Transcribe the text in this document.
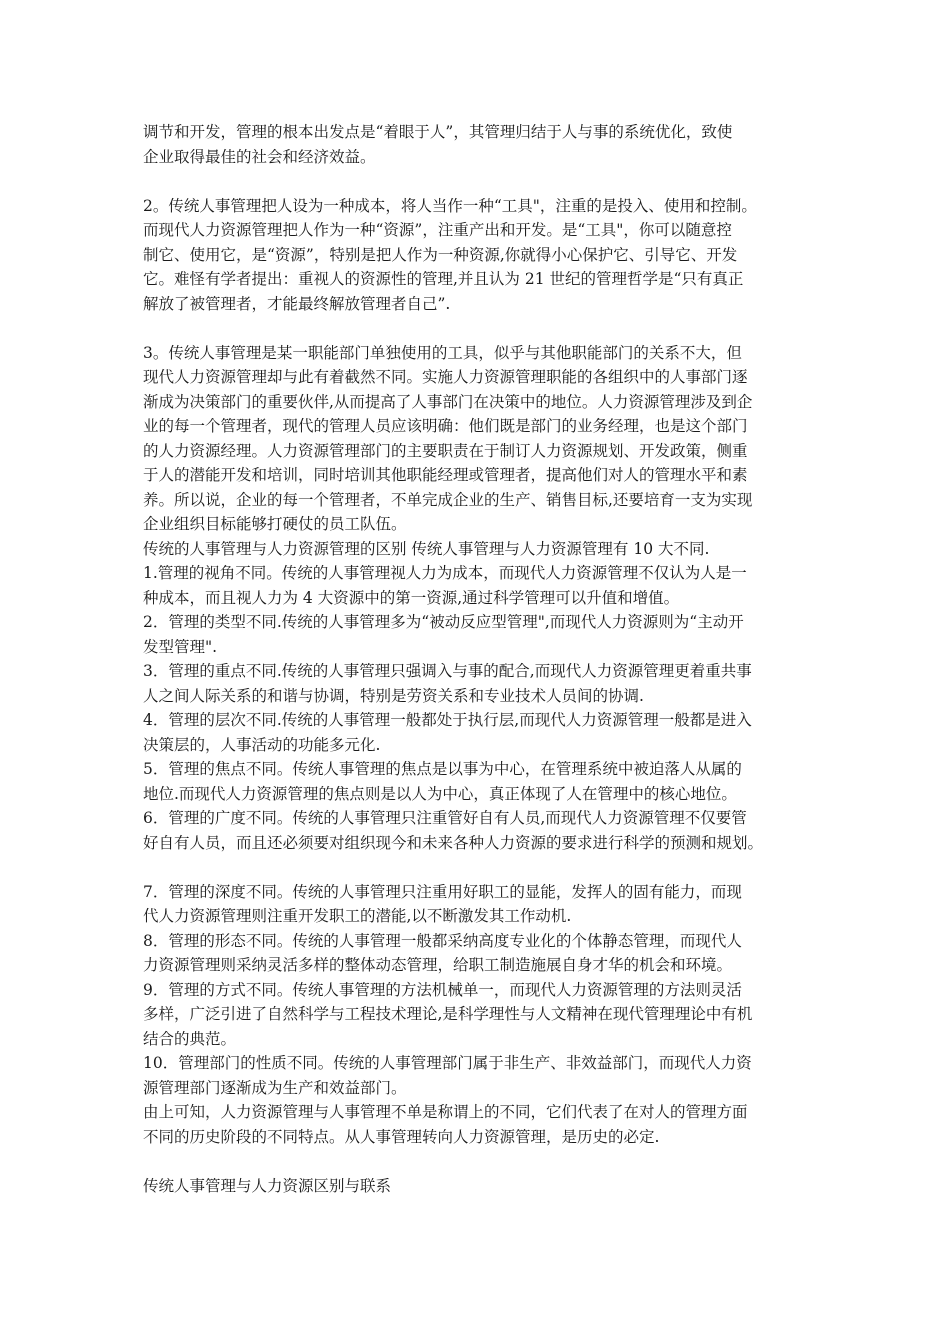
调节和开发，管理的根本出发点是“着眼于人”，其管理归结于人与事的系统优化，致使
企业取得最佳的社会和经济效益。
2。传统人事管理把人设为一种成本，将人当作一种“工具"，注重的是投入、使用和控制。
而现代人力资源管理把人作为一种“资源”，注重产出和开发。是“工具"，你可以随意控
制它、使用它，是“资源”，特别是把人作为一种资源,你就得小心保护它、引导它、开发
它。难怪有学者提出：重视人的资源性的管理,并且认为 21 世纪的管理哲学是“只有真正
解放了被管理者，才能最终解放管理者自己”.
3。传统人事管理是某一职能部门单独使用的工具，似乎与其他职能部门的关系不大，但
现代人力资源管理却与此有着截然不同。实施人力资源管理职能的各组织中的人事部门逐
渐成为决策部门的重要伙伴,从而提高了人事部门在决策中的地位。人力资源管理涉及到企
业的每一个管理者，现代的管理人员应该明确：他们既是部门的业务经理，也是这个部门
的人力资源经理。人力资源管理部门的主要职责在于制订人力资源规划、开发政策，侧重
于人的潜能开发和培训，同时培训其他职能经理或管理者，提高他们对人的管理水平和素
养。所以说，企业的每一个管理者，不单完成企业的生产、销售目标,还要培育一支为实现
企业组织目标能够打硬仗的员工队伍。
传统的人事管理与人力资源管理的区别 传统人事管理与人力资源管理有 10 大不同.
1.管理的视角不同。传统的人事管理视人力为成本，而现代人力资源管理不仅认为人是一
种成本，而且视人力为 4 大资源中的第一资源,通过科学管理可以升值和增值。
2．管理的类型不同.传统的人事管理多为“被动反应型管理",而现代人力资源则为“主动开
发型管理".
3．管理的重点不同.传统的人事管理只强调入与事的配合,而现代人力资源管理更着重共事
人之间人际关系的和谐与协调，特别是劳资关系和专业技术人员间的协调.
4．管理的层次不同.传统的人事管理一般都处于执行层,而现代人力资源管理一般都是进入
决策层的，人事活动的功能多元化.
5．管理的焦点不同。传统人事管理的焦点是以事为中心，在管理系统中被迫落人从属的
地位.而现代人力资源管理的焦点则是以人为中心，真正体现了人在管理中的核心地位。
6．管理的广度不同。传统的人事管理只注重管好自有人员,而现代人力资源管理不仅要管
好自有人员，而且还必须要对组织现今和未来各种人力资源的要求进行科学的预测和规划。
7．管理的深度不同。传统的人事管理只注重用好职工的显能，发挥人的固有能力，而现
代人力资源管理则注重开发职工的潜能,以不断激发其工作动机.
8．管理的形态不同。传统的人事管理一般都采纳高度专业化的个体静态管理，而现代人
力资源管理则采纳灵活多样的整体动态管理，给职工制造施展自身才华的机会和环境。
9．管理的方式不同。传统人事管理的方法机械单一，而现代人力资源管理的方法则灵活
多样，广泛引进了自然科学与工程技术理论,是科学理性与人文精神在现代管理理论中有机
结合的典范。
10．管理部门的性质不同。传统的人事管理部门属于非生产、非效益部门，而现代人力资
源管理部门逐渐成为生产和效益部门。
由上可知，人力资源管理与人事管理不单是称谓上的不同，它们代表了在对人的管理方面
不同的历史阶段的不同特点。从人事管理转向人力资源管理，是历史的必定.
传统人事管理与人力资源区别与联系
